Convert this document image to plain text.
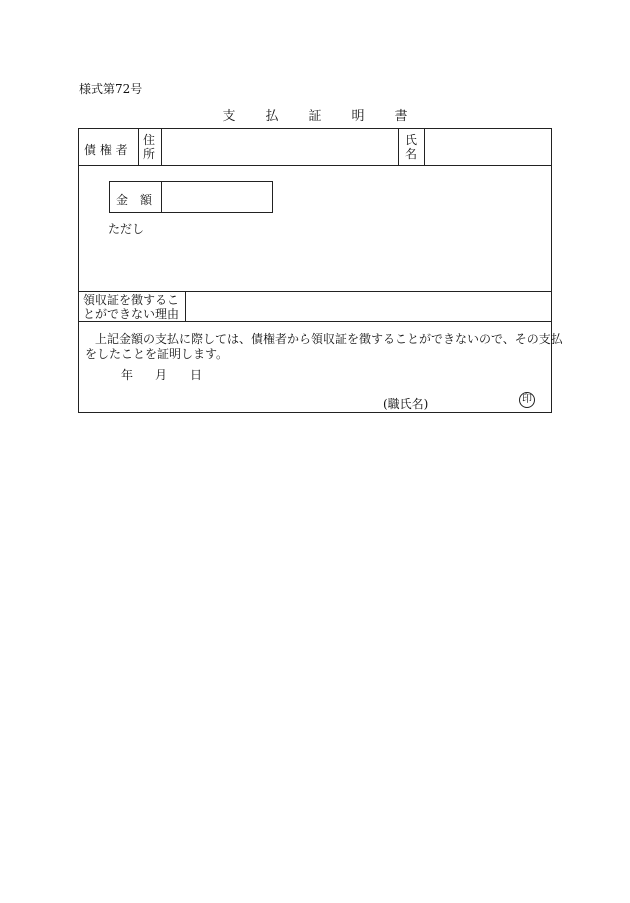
様式第72号
支払証明書
債 権 者
住
所
氏
名
金　額
ただし
領収証を徴するこ
とができない理由
上記金額の支払に際しては、債権者から領収証を徴することができないので、その支払
をしたことを証明します。
年 月 日
(職氏名)	印
